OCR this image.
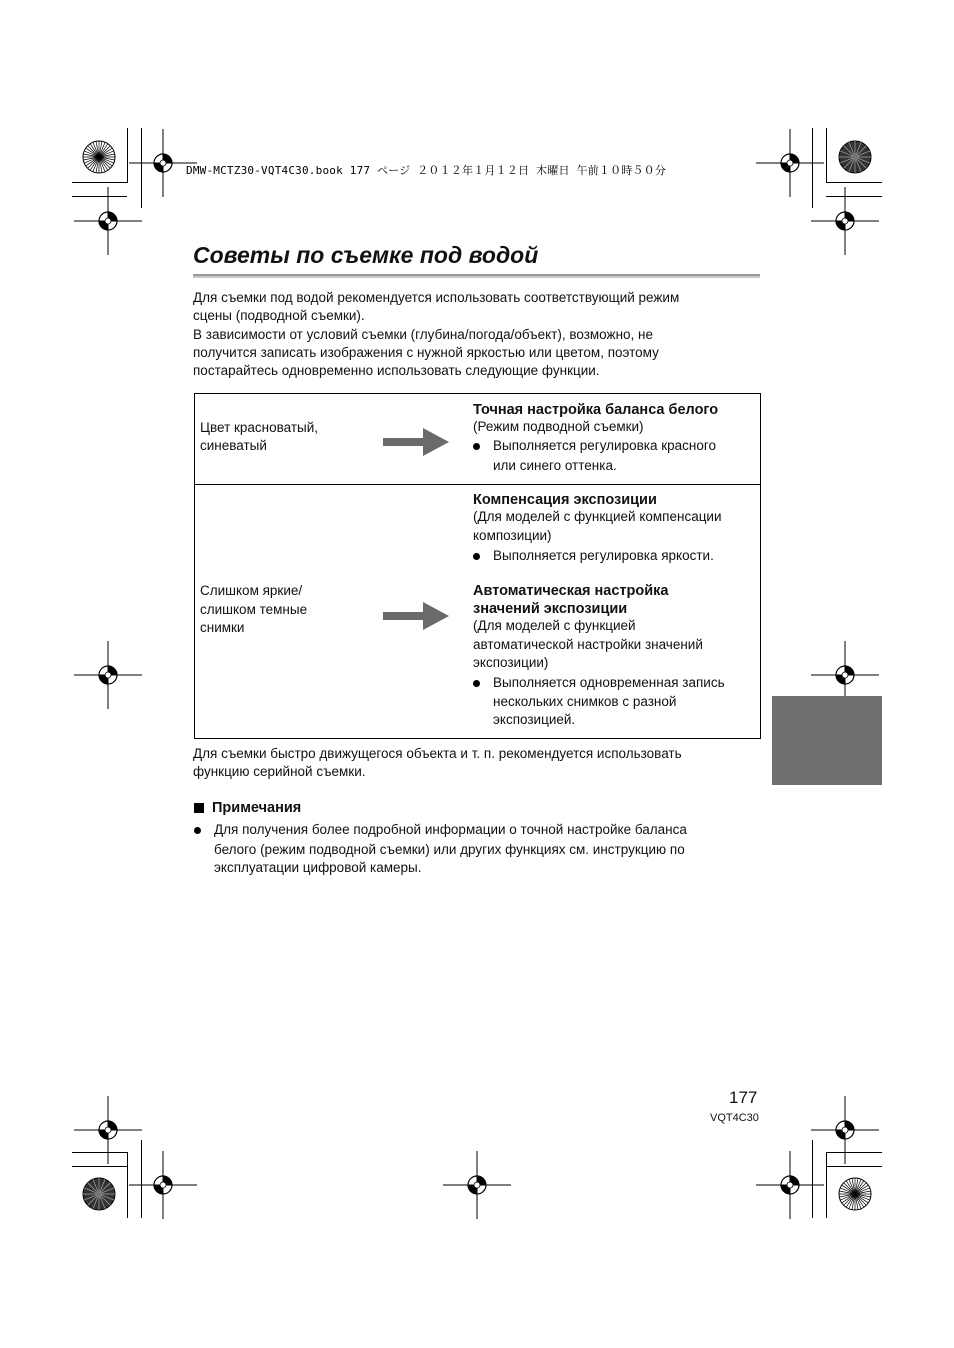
DMW-MCTZ30-VQT4C30.book 177 ページ ２０１２年１月１２日 木曜日 午前１０時５０分
Советы по съемке под водой

Для съемки под водой рекомендуется использовать соответствующий режим

сцены (подводной съемки).

В зависимости от условий съемки (глубина/погода/объект), возможно, не

получится записать изображения с нужной яркостью или цветом, поэтому

постарайтесь одновременно использовать следующие функции.

Цвет красноватый,
синеватый
Точная настройка баланса белого
(Режим подводной съемки)
Выполняется регулировка красного
или синего оттенка.
Слишком яркие/
слишком темные
снимки
Компенсация экспозиции
(Для моделей с функцией компенсации
композиции)
Выполняется регулировка яркости.
Автоматическая настройка
значений экспозиции
(Для моделей с функцией
автоматической настройки значений
экспозиции)
Выполняется одновременная запись
нескольких снимков с разной
экспозицией.

Для съемки быстро движущегося объекта и т. п. рекомендуется использовать

функцию серийной съемки.

Примечания
Для получения более подробной информации о точной настройке баланса

белого (режим подводной съемки) или других функциях см. инструкцию по

эксплуатации цифровой камеры.

177
VQT4C30
